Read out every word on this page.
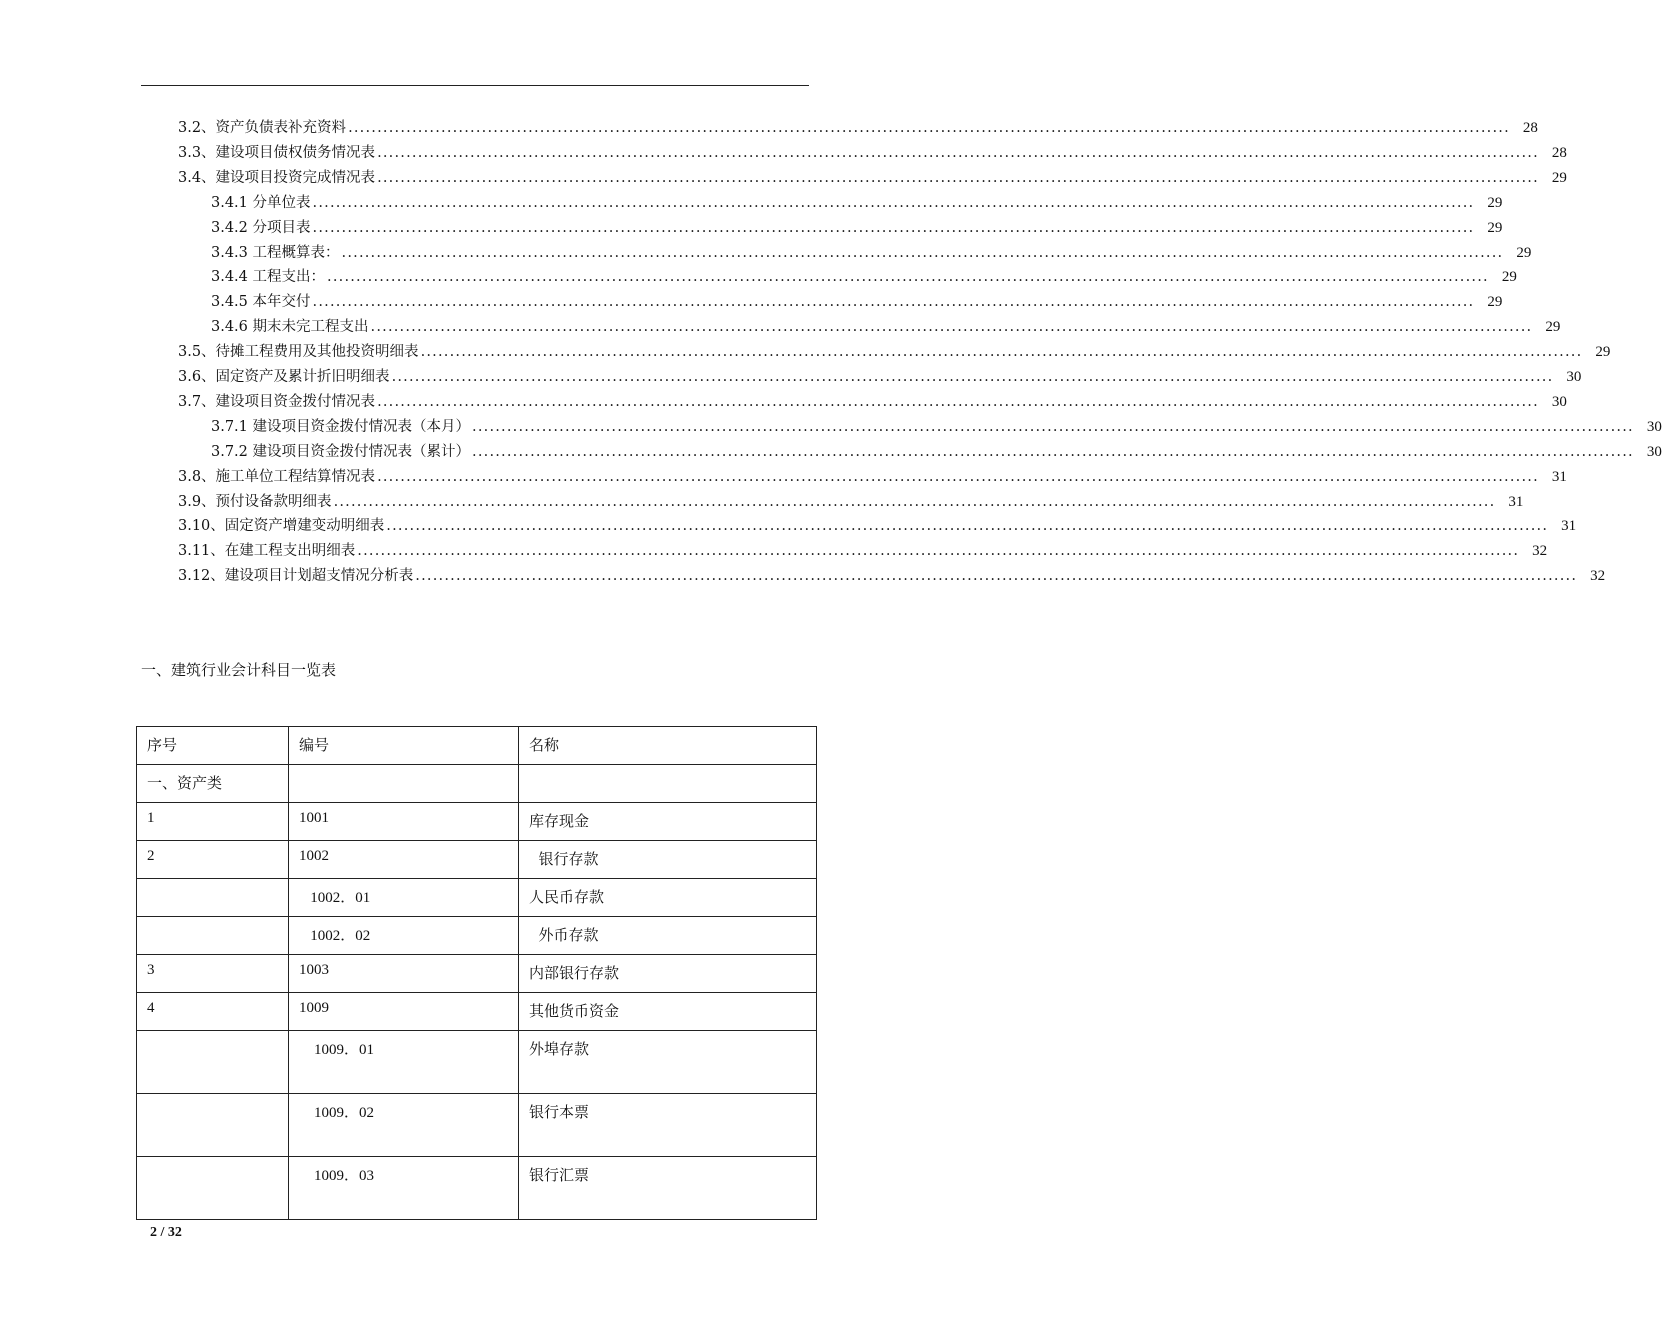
3.2、资产负债表补充资料 ........................................................................................................................................................................................................ 28
3.3、建设项目债权债务情况表 ........................................................................................................................................................................................................ 28
3.4、建设项目投资完成情况表 ........................................................................................................................................................................................................ 29
3.4.1 分单位表 ........................................................................................................................................................................................................ 29
3.4.2 分项目表 ........................................................................................................................................................................................................ 29
3.4.3 工程概算表： ........................................................................................................................................................................................................ 29
3.4.4 工程支出： ........................................................................................................................................................................................................ 29
3.4.5 本年交付 ........................................................................................................................................................................................................ 29
3.4.6 期末未完工程支出 ........................................................................................................................................................................................................ 29
3.5、待摊工程费用及其他投资明细表 ........................................................................................................................................................................................................ 29
3.6、固定资产及累计折旧明细表 ........................................................................................................................................................................................................ 30
3.7、建设项目资金拨付情况表 ........................................................................................................................................................................................................ 30
3.7.1 建设项目资金拨付情况表（本月） ........................................................................................................................................................................................................ 30
3.7.2 建设项目资金拨付情况表（累计） ........................................................................................................................................................................................................ 30
3.8、施工单位工程结算情况表 ........................................................................................................................................................................................................ 31
3.9、预付设备款明细表 ........................................................................................................................................................................................................ 31
3.10、固定资产增建变动明细表 ........................................................................................................................................................................................................ 31
3.11、在建工程支出明细表 ........................................................................................................................................................................................................ 32
3.12、建设项目计划超支情况分析表 ........................................................................................................................................................................................................ 32
一、建筑行业会计科目一览表
序号	编号	名称
一、资产类		
1	1001	库存现金
2	1002	银行存款
	1002．01	人民币存款
	1002．02	外币存款
3	1003	内部银行存款
4	1009	其他货币资金
	1009．01	外埠存款
	1009．02	银行本票
	1009．03	银行汇票
2 / 32
